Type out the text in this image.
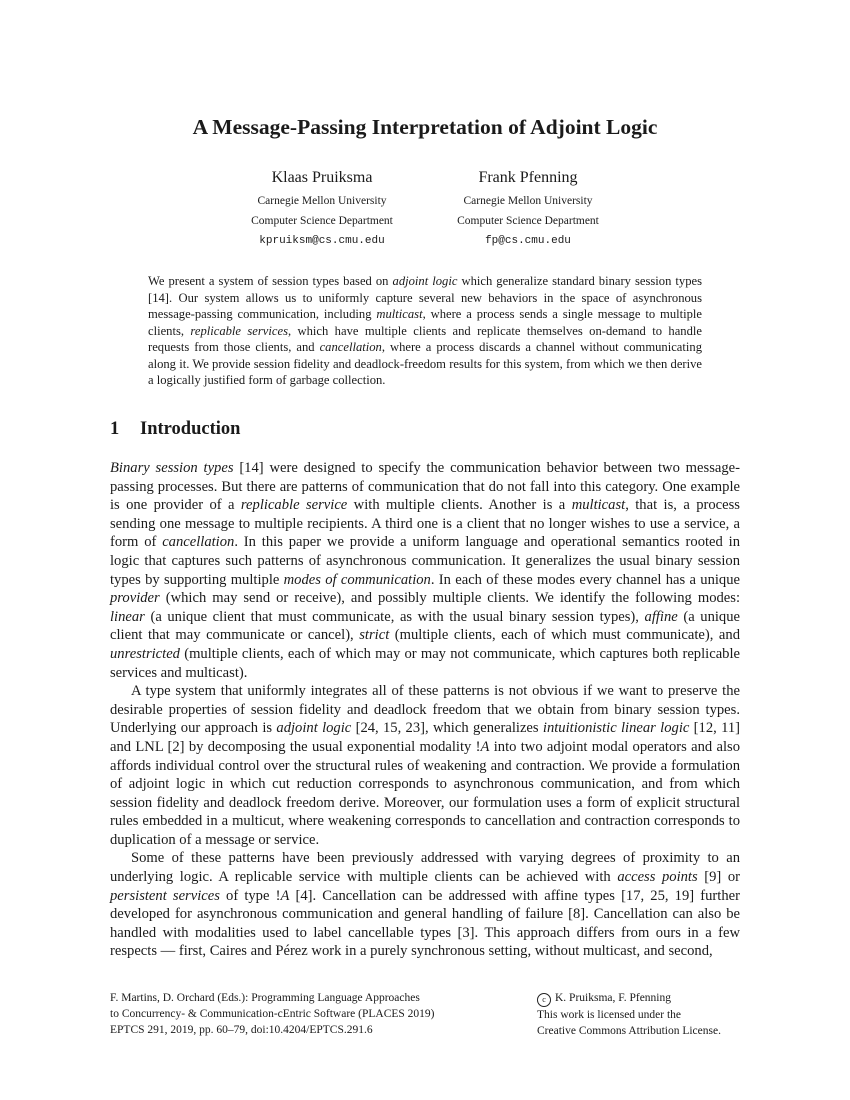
A Message-Passing Interpretation of Adjoint Logic
Klaas Pruiksma
Carnegie Mellon University
Computer Science Department
kpruiksm@cs.cmu.edu
Frank Pfenning
Carnegie Mellon University
Computer Science Department
fp@cs.cmu.edu
We present a system of session types based on adjoint logic which generalize standard binary session types [14]. Our system allows us to uniformly capture several new behaviors in the space of asynchronous message-passing communication, including multicast, where a process sends a single message to multiple clients, replicable services, which have multiple clients and replicate themselves on-demand to handle requests from those clients, and cancellation, where a process discards a channel without communicating along it. We provide session fidelity and deadlock-freedom results for this system, from which we then derive a logically justified form of garbage collection.
1 Introduction

Binary session types [14] were designed to specify the communication behavior between two message-passing processes. But there are patterns of communication that do not fall into this category. One example is one provider of a replicable service with multiple clients. Another is a multicast, that is, a process sending one message to multiple recipients. A third one is a client that no longer wishes to use a service, a form of cancellation. In this paper we provide a uniform language and operational semantics rooted in logic that captures such patterns of asynchronous communication. It generalizes the usual binary session types by supporting multiple modes of communication. In each of these modes every channel has a unique provider (which may send or receive), and possibly multiple clients. We identify the following modes: linear (a unique client that must communicate, as with the usual binary session types), affine (a unique client that may communicate or cancel), strict (multiple clients, each of which must communicate), and unrestricted (multiple clients, each of which may or may not communicate, which captures both replicable services and multicast).

A type system that uniformly integrates all of these patterns is not obvious if we want to preserve the desirable properties of session fidelity and deadlock freedom that we obtain from binary session types. Underlying our approach is adjoint logic [24, 15, 23], which generalizes intuitionistic linear logic [12, 11] and LNL [2] by decomposing the usual exponential modality !A into two adjoint modal operators and also affords individual control over the structural rules of weakening and contraction. We provide a formulation of adjoint logic in which cut reduction corresponds to asynchronous communication, and from which session fidelity and deadlock freedom derive. Moreover, our formulation uses a form of explicit structural rules embedded in a multicut, where weakening corresponds to cancellation and contraction corresponds to duplication of a message or service.

Some of these patterns have been previously addressed with varying degrees of proximity to an underlying logic. A replicable service with multiple clients can be achieved with access points [9] or persistent services of type !A [4]. Cancellation can be addressed with affine types [17, 25, 19] further developed for asynchronous communication and general handling of failure [8]. Cancellation can also be handled with modalities used to label cancellable types [3]. This approach differs from ours in a few respects — first, Caires and Pérez work in a purely synchronous setting, without multicast, and second,

F. Martins, D. Orchard (Eds.): Programming Language Approaches
to Concurrency- & Communication-cEntric Software (PLACES 2019)
EPTCS 291, 2019, pp. 60–79, doi:10.4204/EPTCS.291.6
c K. Pruiksma, F. Pfenning
This work is licensed under the
Creative Commons Attribution License.
